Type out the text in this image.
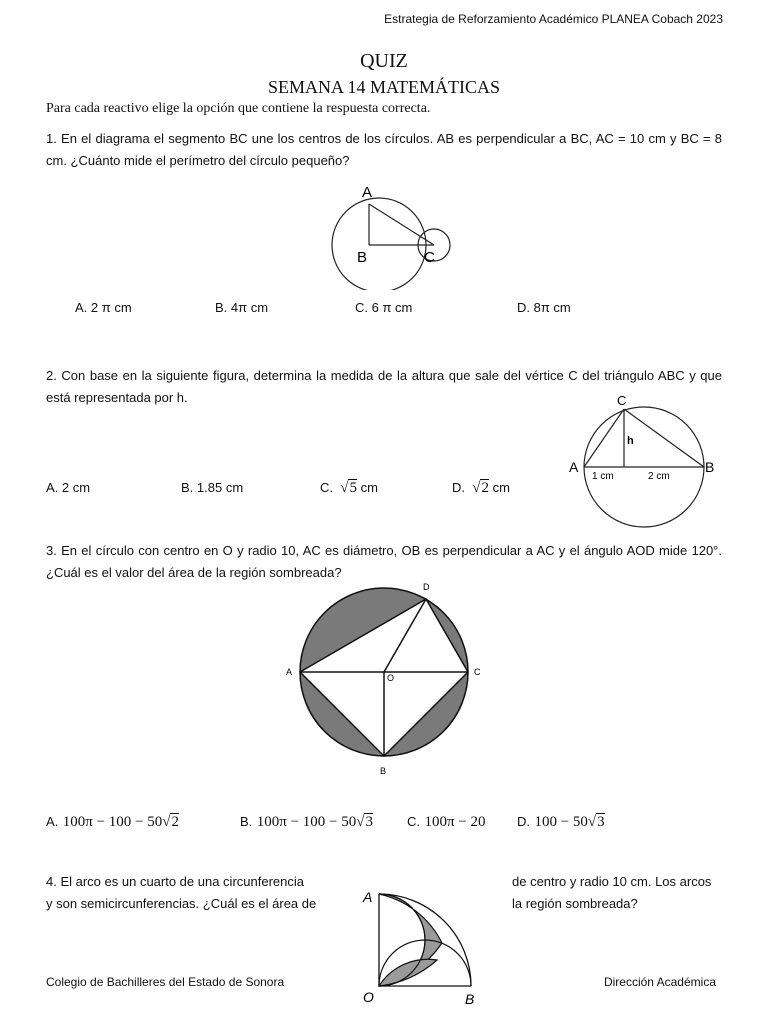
Estrategia de Reforzamiento Académico PLANEA Cobach 2023
QUIZ
SEMANA 14 MATEMÁTICAS
Para cada reactivo elige la opción que contiene la respuesta correcta.
1. En el diagrama el segmento BC une los centros de los círculos. AB es perpendicular a BC, AC = 10 cm y BC = 8 cm. ¿Cuánto mide el perímetro del círculo pequeño?
A
B	C
A. 2 π cm	B. 4π cm	C. 6 π cm	D. 8π cm
2. Con base en la siguiente figura, determina la medida de la altura que sale del vértice C del triángulo ABC y que está representada por h.	C
A	B
h
1 cm	2 cm
A. 2 cm	B. 1.85 cm	C. √5 cm	D. √2 cm
3. En el círculo con centro en O y radio 10, AC es diámetro, OB es perpendicular a AC y el ángulo AOD mide 120°. ¿Cuál es el valor del área de la región sombreada?
A	C
D
O
B
A. 100π − 100 − 50√2	B. 100π − 100 − 50√3	C. 100π − 20 D. 100 − 50√3
4. El arco es un cuarto de una circunferencia	de centro y radio 10 cm. Los arcos
y son semicircunferencias. ¿Cuál es el área de	la región sombreada?
A
O	B
Colegio de Bachilleres del Estado de Sonora	Dirección Académica
